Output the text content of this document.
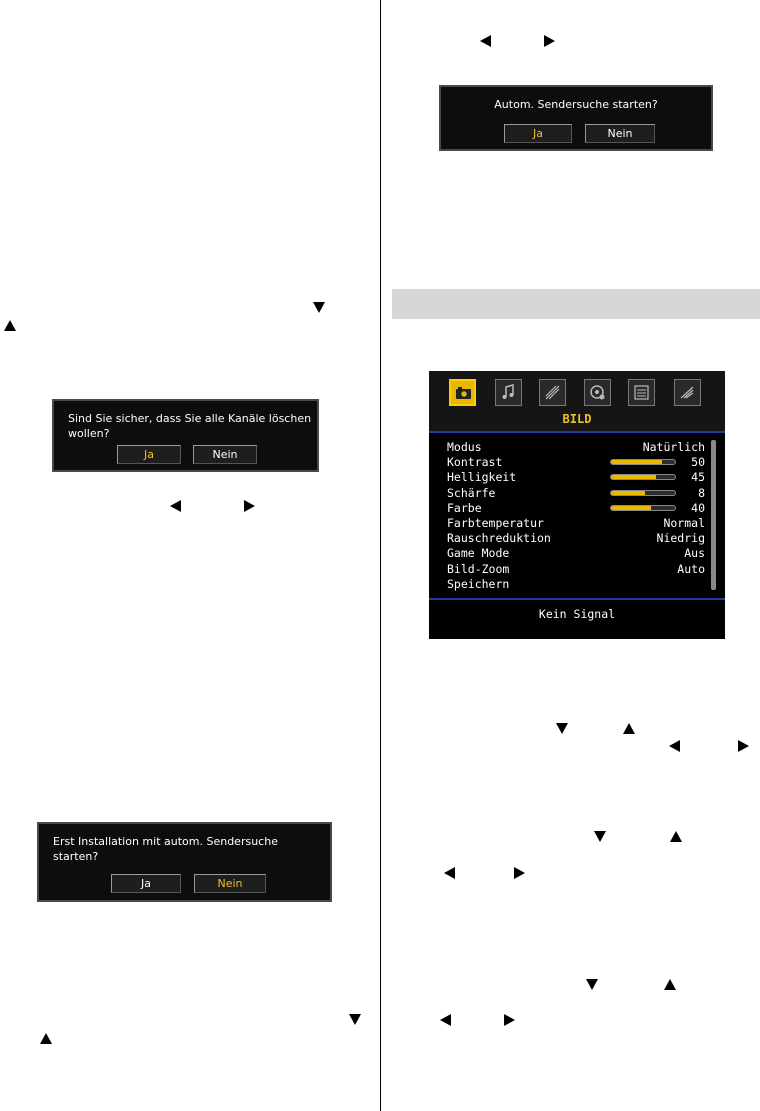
Sind Sie sicher, dass Sie alle Kanäle löschen
wollen?
Ja	Nein
Erst Installation mit autom. Sendersuche
starten?
Ja	Nein
Autom. Sendersuche starten?
Ja	Nein
BILD
Modus	Natürlich
Kontrast	50
Helligkeit	45
Schärfe	8
Farbe	40
Farbtemperatur	Normal
Rauschreduktion	Niedrig
Game Mode	Aus
Bild-Zoom	Auto
Speichern
Kein Signal
